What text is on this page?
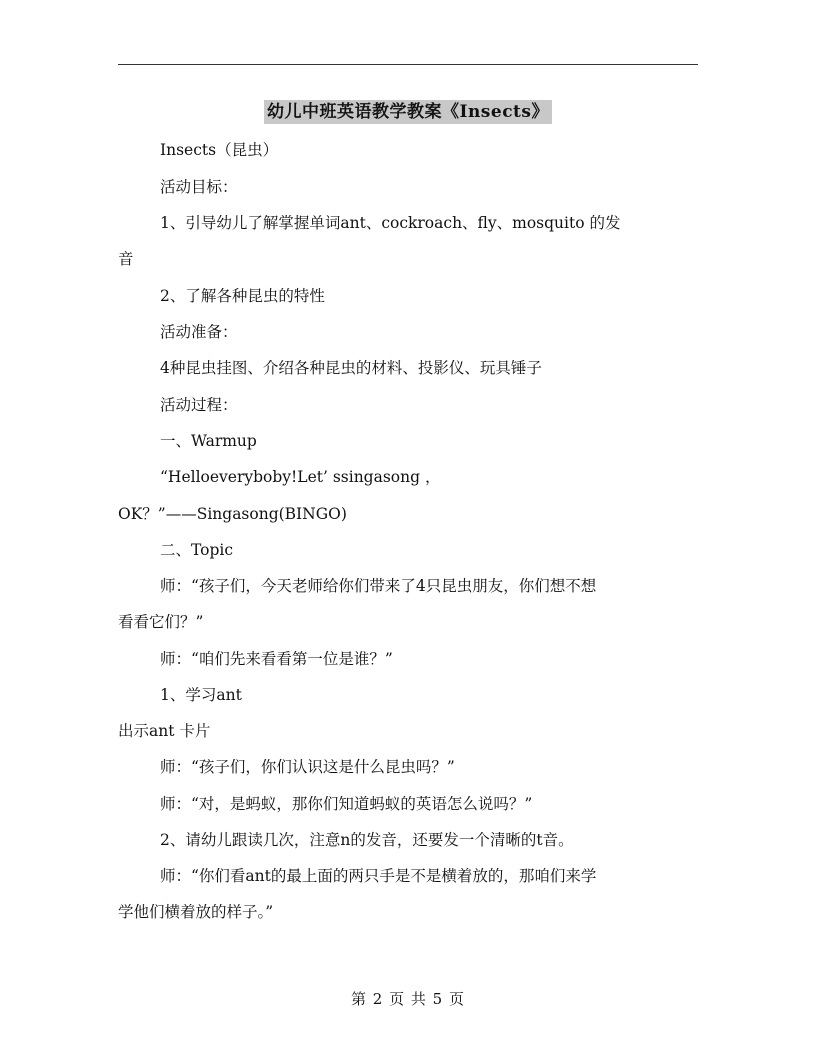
幼儿中班英语教学教案《Insects》
Insects（昆虫）
活动目标：
1、引导幼儿了解掌握单词ant、cockroach、fly、mosquito 的发
音
2、了解各种昆虫的特性
活动准备：
4种昆虫挂图、介绍各种昆虫的材料、投影仪、玩具锤子
活动过程：
一、Warmup
“Helloeveryboby!Let’ ssingasong ，
OK？”——Singasong(BINGO)
二、Topic
师：“孩子们，今天老师给你们带来了4只昆虫朋友，你们想不想
看看它们？”
师：“咱们先来看看第一位是谁？”
1、学习ant
出示ant 卡片
师：“孩子们，你们认识这是什么昆虫吗？”
师：“对，是蚂蚁，那你们知道蚂蚁的英语怎么说吗？”
2、请幼儿跟读几次，注意n的发音，还要发一个清晰的t音。
师：“你们看ant的最上面的两只手是不是横着放的，那咱们来学
学他们横着放的样子。”
第 2 页 共 5 页
